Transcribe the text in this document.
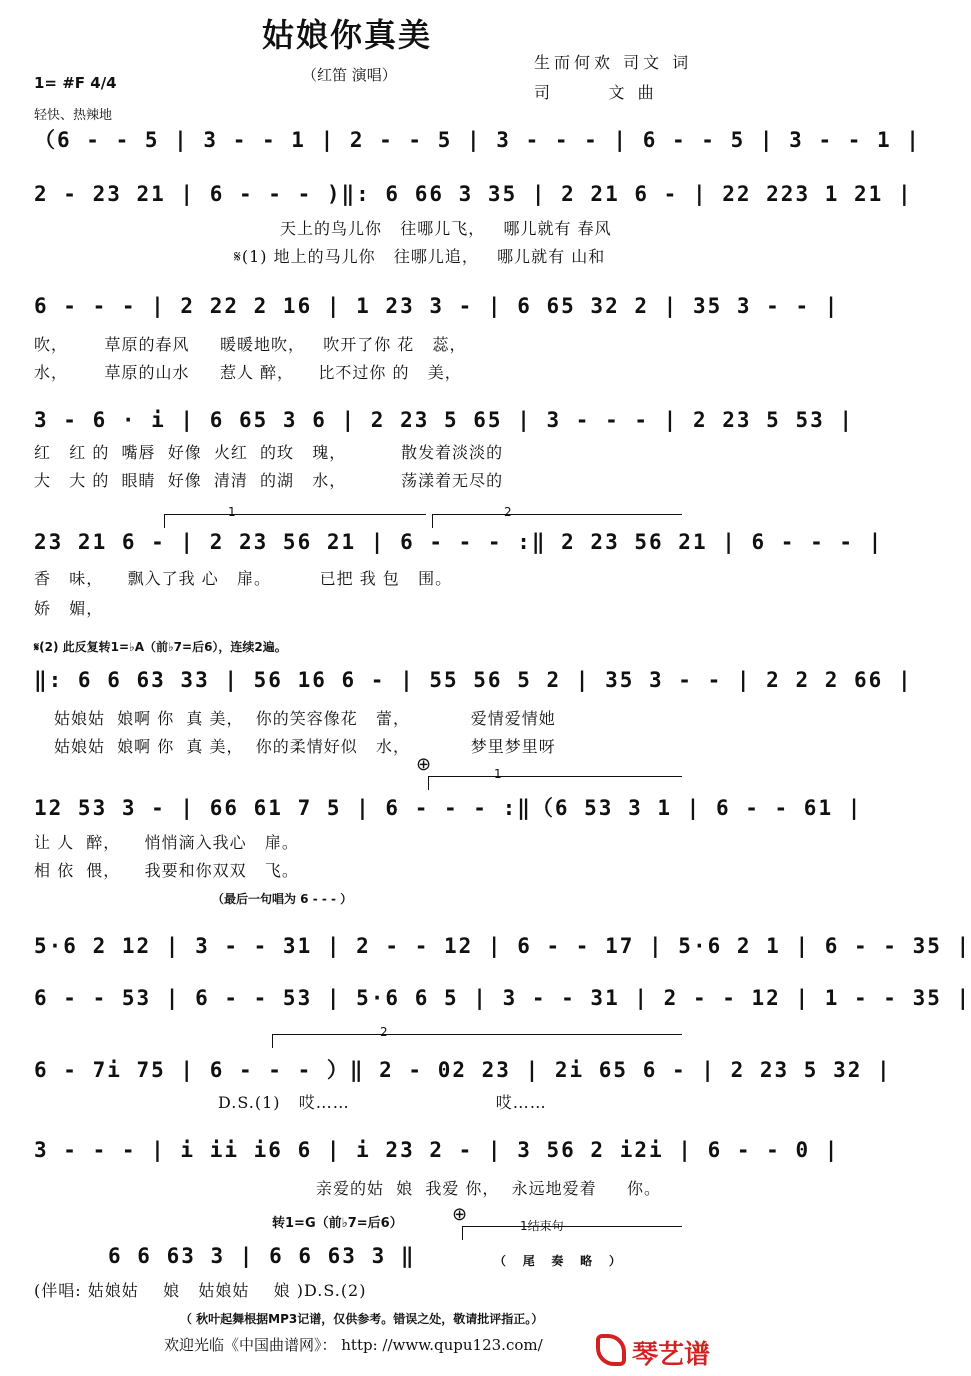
姑娘你真美
（红笛 演唱）
生而何欢 司文 词
司      文 曲
1= #F 4/4
轻快、热辣地
（6 - - 5 | 3 - - 1 | 2 - - 5 | 3 - - - | 6 - - 5 | 3 - - 1 |
2 - 23 21 | 6 - - - )‖: 6 66 3 35 | 2 21 6 - | 22 223 1 21 |
天上的鸟儿你   往哪儿飞，   哪儿就有 春风
𝄋(1) 地上的马儿你   往哪儿追，   哪儿就有 山和
6 - - - | 2 22 2 16 | 1 23 3 - | 6 65 32 2 | 35 3 - - |
吹，      草原的春风     暖暖地吹，   吹开了你 花   蕊，
水，      草原的山水     惹人 醉，    比不过你 的   美，
3 - 6 · i | 6 65 3 6 | 2 23 5 65 | 3 - - - | 2 23 5 53 |
红   红 的  嘴唇  好像  火红  的玫   瑰，         散发着淡淡的
大   大 的  眼睛  好像  清清  的湖   水，         荡漾着无尽的
1	2
23 21 6 - | 2 23 56 21 | 6 - - - :‖ 2 23 56 21 | 6 - - - |
香   味，    飘入了我 心   扉。        已把 我 包   围。
娇   媚，
𝄋(2) 此反复转1=♭A（前♭7=后6），连续2遍。
‖: 6 6 63 33 | 56 16 6 - | 55 56 5 2 | 35 3 - - | 2 2 2 66 |
姑娘姑  娘啊 你  真 美，  你的笑容像花   蕾，          爱情爱情她
姑娘姑  娘啊 你  真 美，  你的柔情好似   水，          梦里梦里呀
⊕	1
12 53 3 - | 66 61 7 5 | 6 - - - :‖（6 53 3 1 | 6 - - 61 |
让 人  醉，    悄悄滴入我心   扉。
相 依  偎，    我要和你双双   飞。
（最后一句唱为 6 - - - ）
5·6 2 12 | 3 - - 31 | 2 - - 12 | 6 - - 17 | 5·6 2 1 | 6 - - 35 |
6 - - 53 | 6 - - 53 | 5·6 6 5 | 3 - - 31 | 2 - - 12 | 1 - - 35 |
2
6 - 7i 75 | 6 - - - ）‖ 2 - 02 23 | 2i 65 6 - | 2 23 5 32 |
D.S.(1)   哎……                        哎……
3 - - - | i ii i6 6 | i 23 2 - | 3 56 2 i2i | 6 - - 0 |
亲爱的姑  娘  我爱 你，  永远地爱着     你。
转1=G（前♭7=后6）	⊕
1结束句
6 6 63 3 | 6 6 63 3 ‖	（    尾    奏    略    ）
(伴唱: 姑娘姑    娘   姑娘姑    娘 )D.S.(2)
（ 秋叶起舞根据MP3记谱，仅供参考。错误之处，敬请批评指正。）
欢迎光临《中国曲谱网》： http: //www.qupu123.com/	琴艺谱
